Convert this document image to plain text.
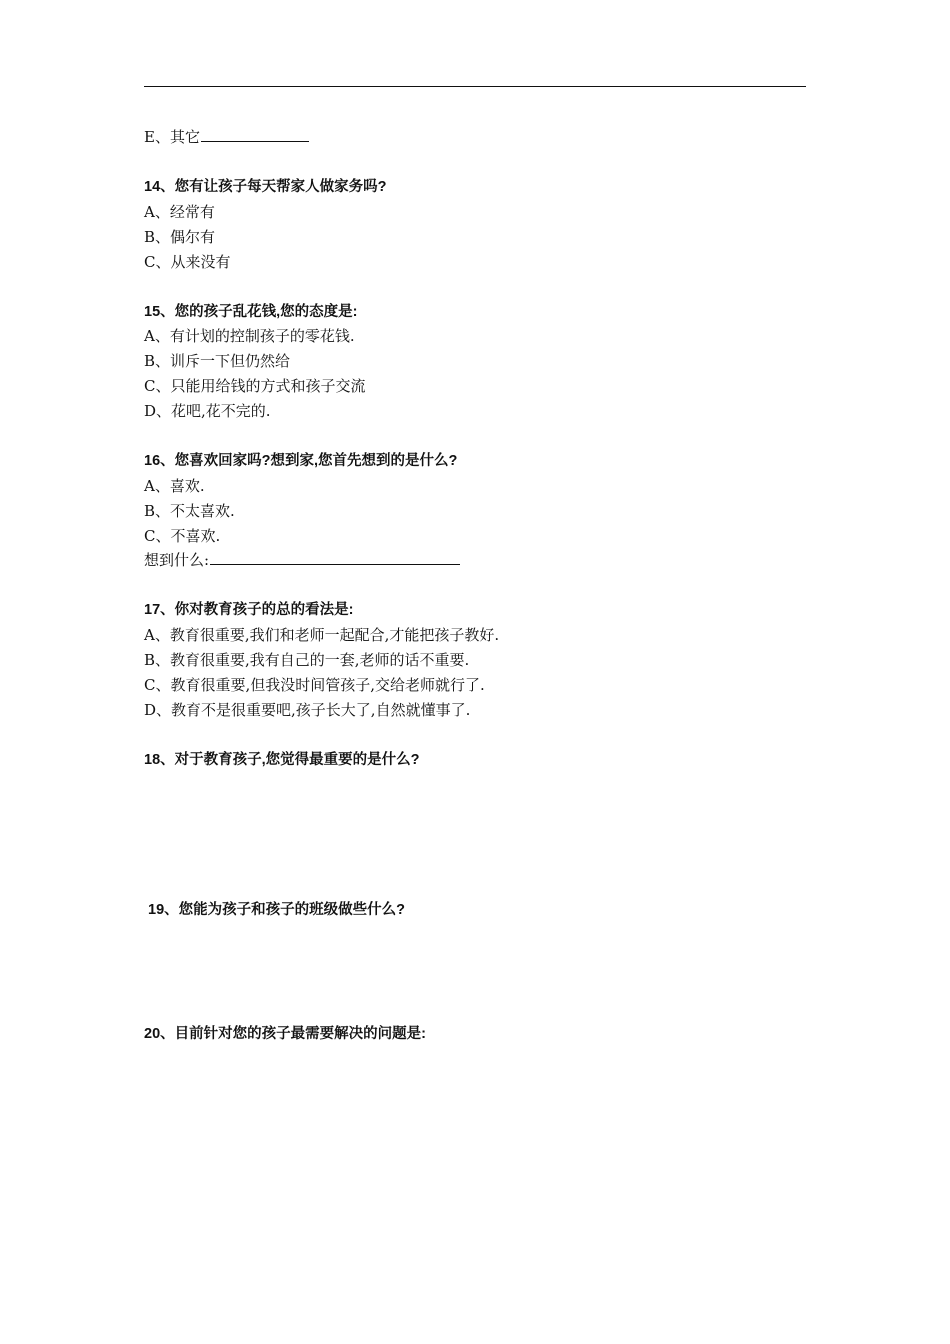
E、其它
14、您有让孩子每天帮家人做家务吗?
A、经常有
B、偶尔有
C、从来没有
15、您的孩子乱花钱,您的态度是:
A、有计划的控制孩子的零花钱.
B、训斥一下但仍然给
C、只能用给钱的方式和孩子交流
D、花吧,花不完的.
16、您喜欢回家吗?想到家,您首先想到的是什么?
A、喜欢.
B、不太喜欢.
C、不喜欢.
想到什么:
17、你对教育孩子的总的看法是:
A、教育很重要,我们和老师一起配合,才能把孩子教好.
B、教育很重要,我有自己的一套,老师的话不重要.
C、教育很重要,但我没时间管孩子,交给老师就行了.
D、教育不是很重要吧,孩子长大了,自然就懂事了.
18、对于教育孩子,您觉得最重要的是什么?
19、您能为孩子和孩子的班级做些什么?
20、目前针对您的孩子最需要解决的问题是:
